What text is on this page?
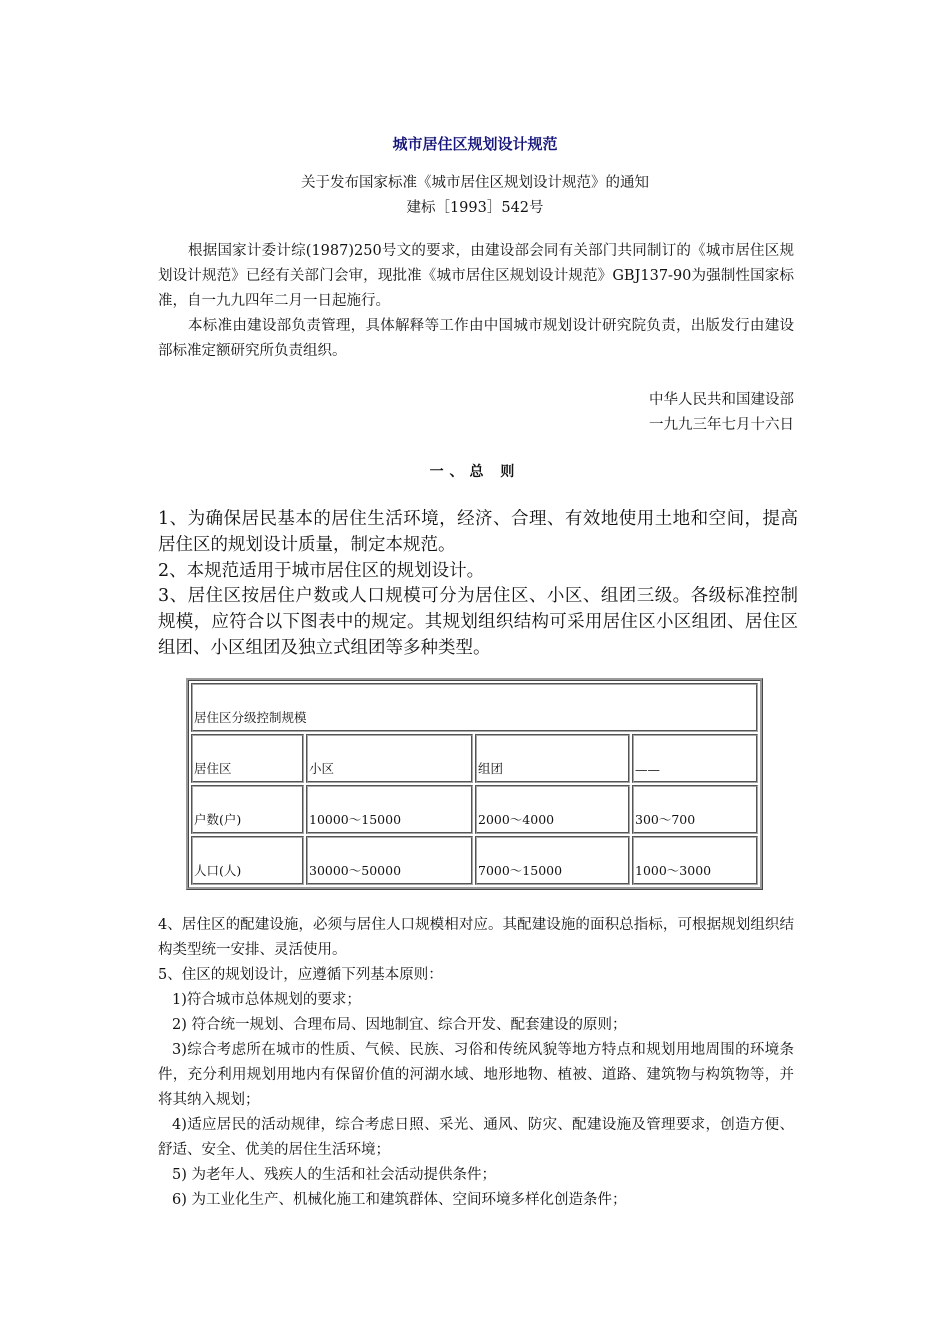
城市居住区规划设计规范
关于发布国家标准《城市居住区规划设计规范》的通知
建标［1993］542号

根据国家计委计综(1987)250号文的要求，由建设部会同有关部门共同制订的《城市居住区规划设计规范》已经有关部门会审，现批准《城市居住区规划设计规范》GBJ137-90为强制性国家标准，自一九九四年二月一日起施行。

本标准由建设部负责管理，具体解释等工作由中国城市规划设计研究院负责，出版发行由建设部标准定额研究所负责组织。

中华人民共和国建设部
一九九三年七月十六日
一、总 则

1、为确保居民基本的居住生活环境，经济、合理、有效地使用土地和空间，提高居住区的规划设计质量，制定本规范。

2、本规范适用于城市居住区的规划设计。

3、居住区按居住户数或人口规模可分为居住区、小区、组团三级。各级标准控制规模，应符合以下图表中的规定。其规划组织结构可采用居住区小区组团、居住区组团、小区组团及独立式组团等多种类型。

居住区分级控制规模			
居住区	小区	组团	——
户数(户)	10000～15000	2000～4000	300～700
人口(人)	30000～50000	7000～15000	1000～3000

4、居住区的配建设施，必须与居住人口规模相对应。其配建设施的面积总指标，可根据规划组织结构类型统一安排、灵活使用。

5、住区的规划设计，应遵循下列基本原则：

1)符合城市总体规划的要求；

2) 符合统一规划、合理布局、因地制宜、综合开发、配套建设的原则；

3)综合考虑所在城市的性质、气候、民族、习俗和传统风貌等地方特点和规划用地周围的环境条件，充分利用规划用地内有保留价值的河湖水域、地形地物、植被、道路、建筑物与构筑物等，并将其纳入规划；

4)适应居民的活动规律，综合考虑日照、采光、通风、防灾、配建设施及管理要求，创造方便、舒适、安全、优美的居住生活环境；

5) 为老年人、残疾人的生活和社会活动提供条件；

6) 为工业化生产、机械化施工和建筑群体、空间环境多样化创造条件；
